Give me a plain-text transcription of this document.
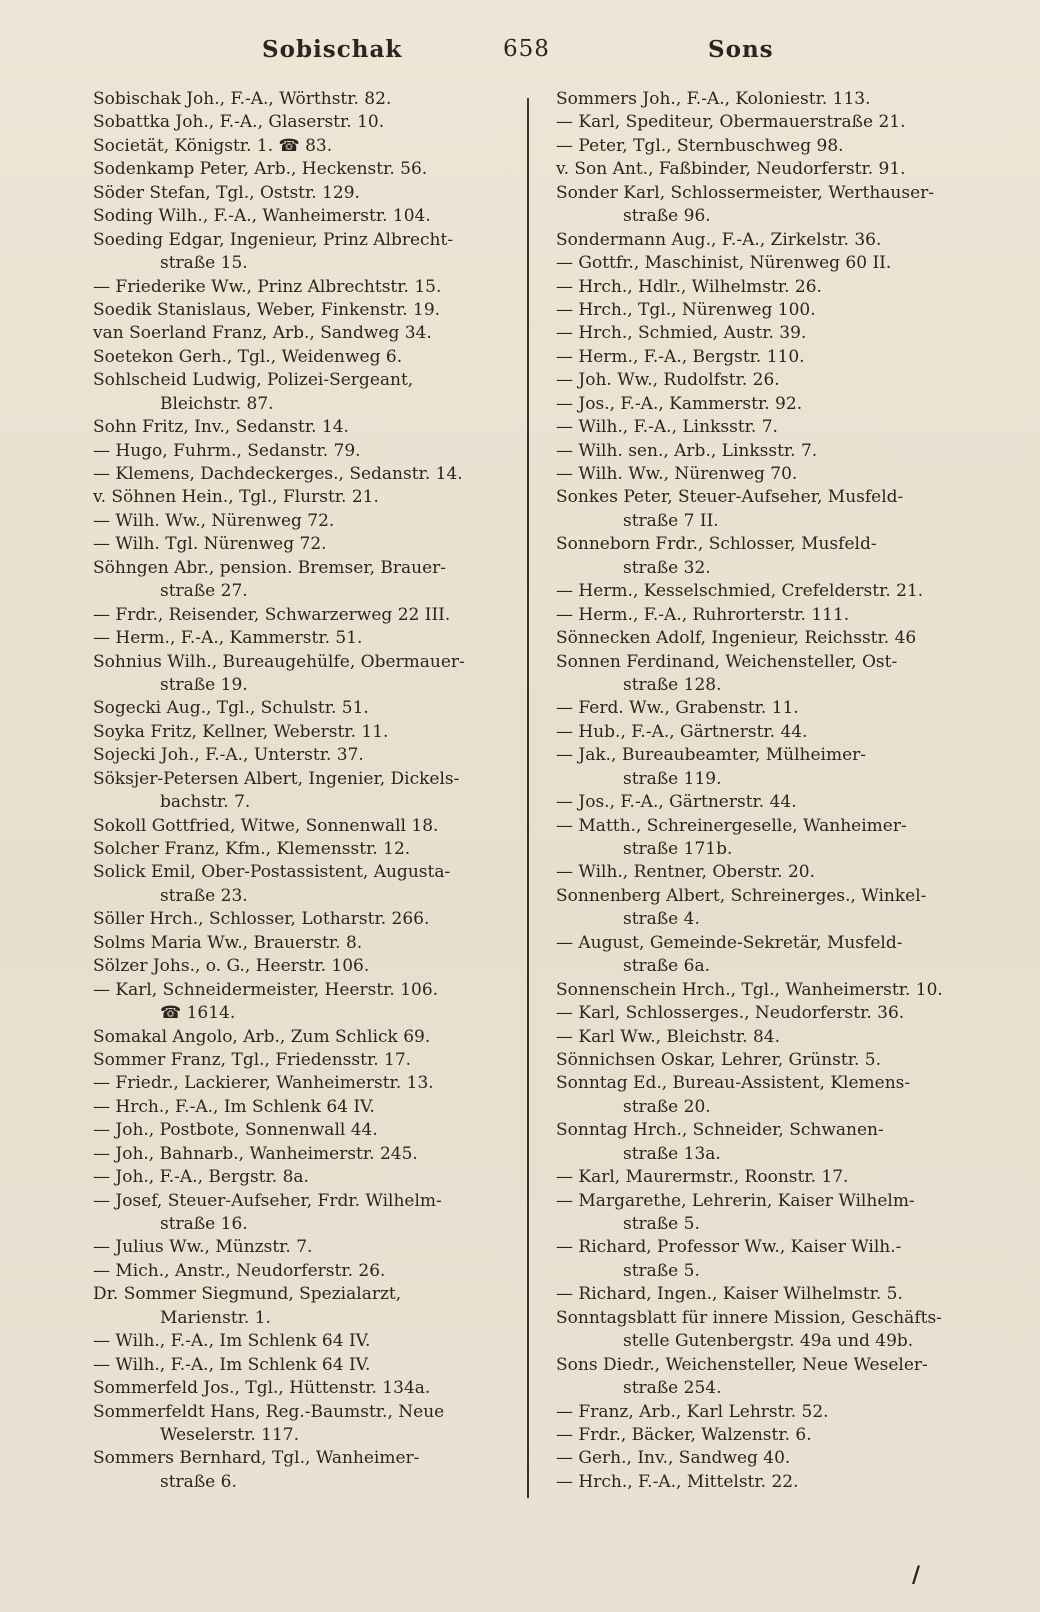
Sobischak	658	Sons
Sobischak Joh., F.-A., Wörthstr. 82.
Sobattka Joh., F.-A., Glaserstr. 10.
Societät, Königstr. 1. ☎ 83.
Sodenkamp Peter, Arb., Heckenstr. 56.
Söder Stefan, Tgl., Oststr. 129.
Soding Wilh., F.-A., Wanheimerstr. 104.
Soeding Edgar, Ingenieur, Prinz Albrecht-
straße 15.
— Friederike Ww., Prinz Albrechtstr. 15.
Soedik Stanislaus, Weber, Finkenstr. 19.
van Soerland Franz, Arb., Sandweg 34.
Soetekon Gerh., Tgl., Weidenweg 6.
Sohlscheid Ludwig, Polizei-Sergeant,
Bleichstr. 87.
Sohn Fritz, Inv., Sedanstr. 14.
— Hugo, Fuhrm., Sedanstr. 79.
— Klemens, Dachdeckerges., Sedanstr. 14.
v. Söhnen Hein., Tgl., Flurstr. 21.
— Wilh. Ww., Nürenweg 72.
— Wilh. Tgl. Nürenweg 72.
Söhngen Abr., pension. Bremser, Brauer-
straße 27.
— Frdr., Reisender, Schwarzerweg 22 III.
— Herm., F.-A., Kammerstr. 51.
Sohnius Wilh., Bureaugehülfe, Obermauer-
straße 19.
Sogecki Aug., Tgl., Schulstr. 51.
Soyka Fritz, Kellner, Weberstr. 11.
Sojecki Joh., F.-A., Unterstr. 37.
Söksjer-Petersen Albert, Ingenier, Dickels-
bachstr. 7.
Sokoll Gottfried, Witwe, Sonnenwall 18.
Solcher Franz, Kfm., Klemensstr. 12.
Solick Emil, Ober-Postassistent, Augusta-
straße 23.
Söller Hrch., Schlosser, Lotharstr. 266.
Solms Maria Ww., Brauerstr. 8.
Sölzer Johs., o. G., Heerstr. 106.
— Karl, Schneidermeister, Heerstr. 106.
☎ 1614.
Somakal Angolo, Arb., Zum Schlick 69.
Sommer Franz, Tgl., Friedensstr. 17.
— Friedr., Lackierer, Wanheimerstr. 13.
— Hrch., F.-A., Im Schlenk 64 IV.
— Joh., Postbote, Sonnenwall 44.
— Joh., Bahnarb., Wanheimerstr. 245.
— Joh., F.-A., Bergstr. 8a.
— Josef, Steuer-Aufseher, Frdr. Wilhelm-
straße 16.
— Julius Ww., Münzstr. 7.
— Mich., Anstr., Neudorferstr. 26.
Dr. Sommer Siegmund, Spezialarzt,
Marienstr. 1.
— Wilh., F.-A., Im Schlenk 64 IV.
— Wilh., F.-A., Im Schlenk 64 IV.
Sommerfeld Jos., Tgl., Hüttenstr. 134a.
Sommerfeldt Hans, Reg.-Baumstr., Neue
Weselerstr. 117.
Sommers Bernhard, Tgl., Wanheimer-
straße 6.
Sommers Joh., F.-A., Koloniestr. 113.
— Karl, Spediteur, Obermauerstraße 21.
— Peter, Tgl., Sternbuschweg 98.
v. Son Ant., Faßbinder, Neudorferstr. 91.
Sonder Karl, Schlossermeister, Werthauser-
straße 96.
Sondermann Aug., F.-A., Zirkelstr. 36.
— Gottfr., Maschinist, Nürenweg 60 II.
— Hrch., Hdlr., Wilhelmstr. 26.
— Hrch., Tgl., Nürenweg 100.
— Hrch., Schmied, Austr. 39.
— Herm., F.-A., Bergstr. 110.
— Joh. Ww., Rudolfstr. 26.
— Jos., F.-A., Kammerstr. 92.
— Wilh., F.-A., Linksstr. 7.
— Wilh. sen., Arb., Linksstr. 7.
— Wilh. Ww., Nürenweg 70.
Sonkes Peter, Steuer-Aufseher, Musfeld-
straße 7 II.
Sonneborn Frdr., Schlosser, Musfeld-
straße 32.
— Herm., Kesselschmied, Crefelderstr. 21.
— Herm., F.-A., Ruhrorterstr. 111.
Sönnecken Adolf, Ingenieur, Reichsstr. 46
Sonnen Ferdinand, Weichensteller, Ost-
straße 128.
— Ferd. Ww., Grabenstr. 11.
— Hub., F.-A., Gärtnerstr. 44.
— Jak., Bureaubeamter, Mülheimer-
straße 119.
— Jos., F.-A., Gärtnerstr. 44.
— Matth., Schreinergeselle, Wanheimer-
straße 171b.
— Wilh., Rentner, Oberstr. 20.
Sonnenberg Albert, Schreinerges., Winkel-
straße 4.
— August, Gemeinde-Sekretär, Musfeld-
straße 6a.
Sonnenschein Hrch., Tgl., Wanheimerstr. 10.
— Karl, Schlosserges., Neudorferstr. 36.
— Karl Ww., Bleichstr. 84.
Sönnichsen Oskar, Lehrer, Grünstr. 5.
Sonntag Ed., Bureau-Assistent, Klemens-
straße 20.
Sonntag Hrch., Schneider, Schwanen-
straße 13a.
— Karl, Maurermstr., Roonstr. 17.
— Margarethe, Lehrerin, Kaiser Wilhelm-
straße 5.
— Richard, Professor Ww., Kaiser Wilh.-
straße 5.
— Richard, Ingen., Kaiser Wilhelmstr. 5.
Sonntagsblatt für innere Mission, Geschäfts-
stelle Gutenbergstr. 49a und 49b.
Sons Diedr., Weichensteller, Neue Weseler-
straße 254.
— Franz, Arb., Karl Lehrstr. 52.
— Frdr., Bäcker, Walzenstr. 6.
— Gerh., Inv., Sandweg 40.
— Hrch., F.-A., Mittelstr. 22.
/
